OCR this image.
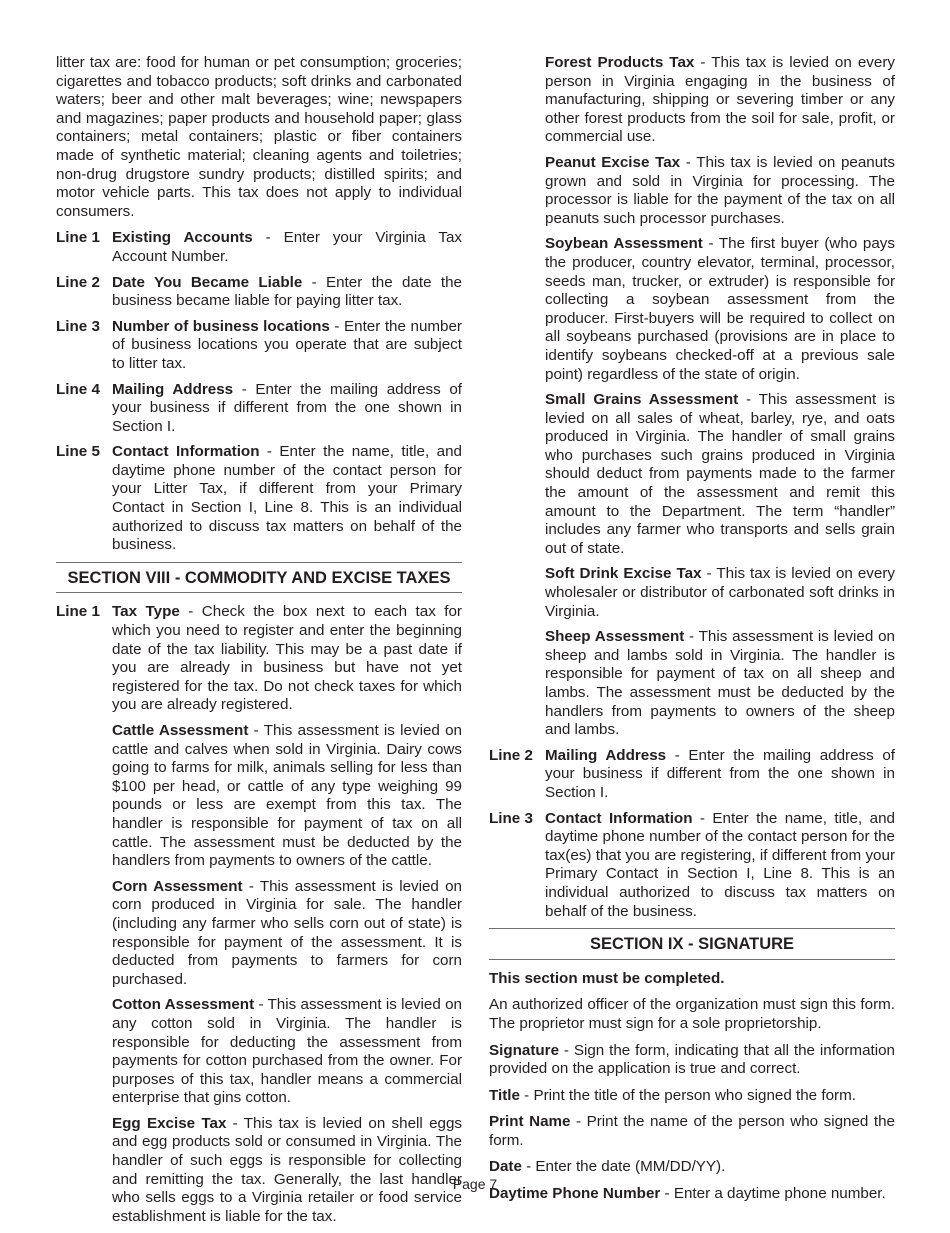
litter tax are: food for human or pet consumption; groceries; cigarettes and tobacco products; soft drinks and carbonated waters; beer and other malt beverages; wine; newspapers and magazines; paper products and household paper; glass containers; metal containers; plastic or fiber containers made of synthetic material; cleaning agents and toiletries; non-drug drugstore sundry products; distilled spirits; and motor vehicle parts. This tax does not apply to individual consumers.

Line 1 Existing Accounts - Enter your Virginia Tax Account Number.
Line 2 Date You Became Liable - Enter the date the business became liable for paying litter tax.
Line 3 Number of business locations - Enter the number of business locations you operate that are subject to litter tax.
Line 4 Mailing Address - Enter the mailing address of your business if different from the one shown in Section I.
Line 5 Contact Information - Enter the name, title, and daytime phone number of the contact person for your Litter Tax, if different from your Primary Contact in Section I, Line 8. This is an individual authorized to discuss tax matters on behalf of the business.
SECTION VIII - COMMODITY AND EXCISE TAXES
Line 1 Tax Type - Check the box next to each tax for which you need to register and enter the beginning date of the tax liability. This may be a past date if you are already in business but have not yet registered for the tax. Do not check taxes for which you are already registered.

Cattle Assessment - This assessment is levied on cattle and calves when sold in Virginia. Dairy cows going to farms for milk, animals selling for less than $100 per head, or cattle of any type weighing 99 pounds or less are exempt from this tax. The handler is responsible for payment of tax on all cattle. The assessment must be deducted by the handlers from payments to owners of the cattle.

Corn Assessment - This assessment is levied on corn produced in Virginia for sale. The handler (including any farmer who sells corn out of state) is responsible for payment of the assessment. It is deducted from payments to farmers for corn purchased.

Cotton Assessment - This assessment is levied on any cotton sold in Virginia. The handler is responsible for deducting the assessment from payments for cotton purchased from the owner. For purposes of this tax, handler means a commercial enterprise that gins cotton.

Egg Excise Tax - This tax is levied on shell eggs and egg products sold or consumed in Virginia. The handler of such eggs is responsible for collecting and remitting the tax. Generally, the last handler who sells eggs to a Virginia retailer or food service establishment is liable for the tax.

Forest Products Tax - This tax is levied on every person in Virginia engaging in the business of manufacturing, shipping or severing timber or any other forest products from the soil for sale, profit, or commercial use.

Peanut Excise Tax - This tax is levied on peanuts grown and sold in Virginia for processing. The processor is liable for the payment of the tax on all peanuts such processor purchases.

Soybean Assessment - The first buyer (who pays the producer, country elevator, terminal, processor, seeds man, trucker, or extruder) is responsible for collecting a soybean assessment from the producer. First-buyers will be required to collect on all soybeans purchased (provisions are in place to identify soybeans checked-off at a previous sale point) regardless of the state of origin.

Small Grains Assessment - This assessment is levied on all sales of wheat, barley, rye, and oats produced in Virginia. The handler of small grains who purchases such grains produced in Virginia should deduct from payments made to the farmer the amount of the assessment and remit this amount to the Department. The term “handler” includes any farmer who transports and sells grain out of state.

Soft Drink Excise Tax - This tax is levied on every wholesaler or distributor of carbonated soft drinks in Virginia.

Sheep Assessment - This assessment is levied on sheep and lambs sold in Virginia. The handler is responsible for payment of tax on all sheep and lambs. The assessment must be deducted by the handlers from payments to owners of the sheep and lambs.

Line 2 Mailing Address - Enter the mailing address of your business if different from the one shown in Section I.
Line 3 Contact Information - Enter the name, title, and daytime phone number of the contact person for the tax(es) that you are registering, if different from your Primary Contact in Section I, Line 8. This is an individual authorized to discuss tax matters on behalf of the business.
SECTION IX - SIGNATURE

This section must be completed.

An authorized officer of the organization must sign this form. The proprietor must sign for a sole proprietorship.

Signature - Sign the form, indicating that all the information provided on the application is true and correct.

Title - Print the title of the person who signed the form.

Print Name - Print the name of the person who signed the form.

Date - Enter the date (MM/DD/YY).

Daytime Phone Number - Enter a daytime phone number.

Page 7
